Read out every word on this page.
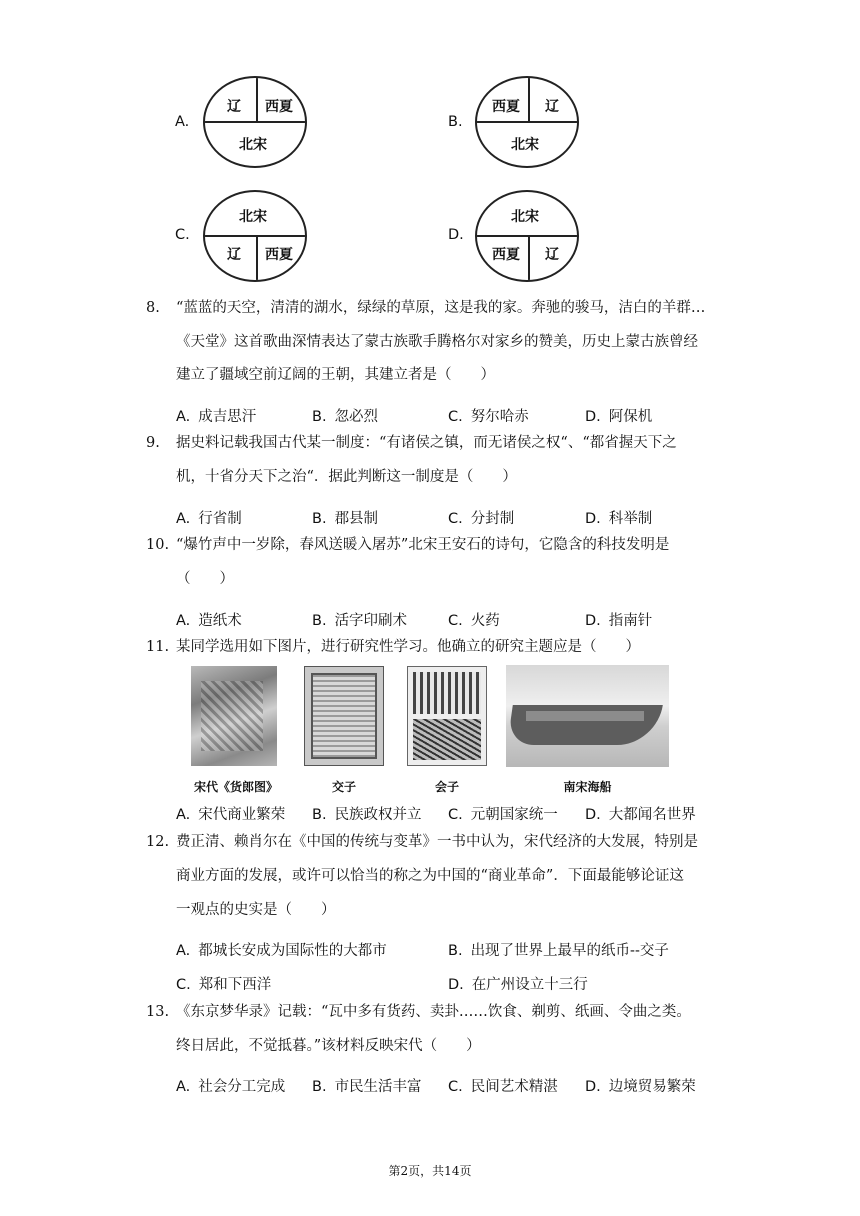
A.
辽 西夏
北宋
B.
西夏 辽
北宋
C.
北宋
辽 西夏
D.
北宋
西夏 辽
8. “蓝蓝的天空，清清的湖水，绿绿的草原，这是我的家。奔驰的骏马，洁白的羊群…
《天堂》这首歌曲深情表达了蒙古族歌手腾格尔对家乡的赞美，历史上蒙古族曾经
建立了疆域空前辽阔的王朝，其建立者是（　　）
A. 成吉思汗	B. 忽必烈	C. 努尔哈赤	D. 阿保机
9. 据史料记载我国古代某一制度：“有诸侯之镇，而无诸侯之权“、“都省握天下之
机，十省分天下之治“．据此判断这一制度是（　　）
A. 行省制	B. 郡县制	C. 分封制	D. 科举制
10. “爆竹声中一岁除，春风送暖入屠苏”北宋王安石的诗句，它隐含的科技发明是
（　　）
A. 造纸术	B. 活字印刷术	C. 火药	D. 指南针
11. 某同学选用如下图片，进行研究性学习。他确立的研究主题应是（　　）
宋代《货郎图》	交子	会子	南宋海船
A. 宋代商业繁荣 B. 民族政权并立 C. 元朝国家统一 D. 大都闻名世界
12. 费正清、赖肖尔在《中国的传统与变革》一书中认为，宋代经济的大发展，特别是
商业方面的发展，或许可以恰当的称之为中国的“商业革命”．下面最能够论证这
一观点的史实是（　　）
A. 都城长安成为国际性的大都市	B. 出现了世界上最早的纸币--交子
C. 郑和下西洋	D. 在广州设立十三行
13. 《东京梦华录》记载：“瓦中多有货药、卖卦……饮食、剃剪、纸画、令曲之类。
终日居此，不觉抵暮。”该材料反映宋代（　　）
A. 社会分工完成 B. 市民生活丰富 C. 民间艺术精湛 D. 边境贸易繁荣
第2页，共14页
